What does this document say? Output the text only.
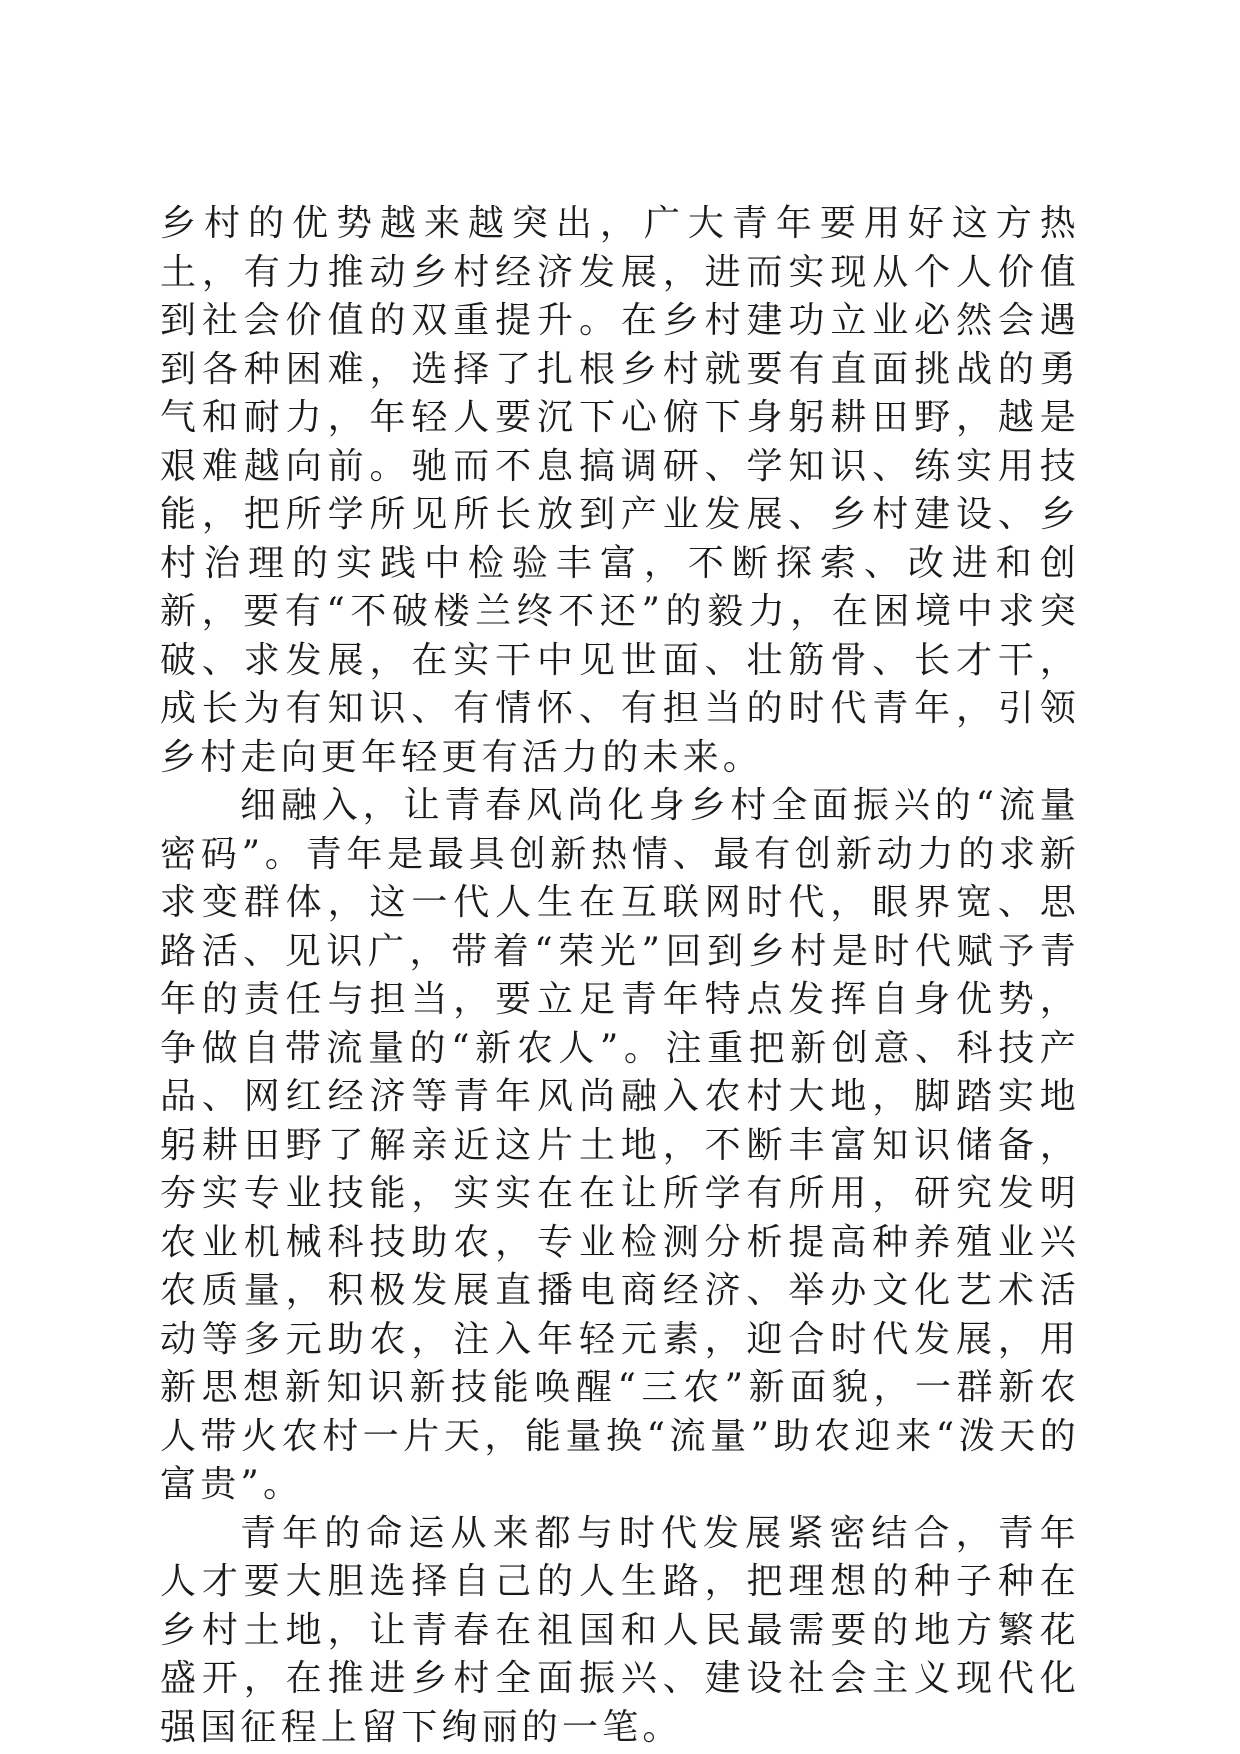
乡村的优势越来越突出，广大青年要用好这方热土，有力推动乡村经济发展，进而实现从个人价值到社会价值的双重提升。在乡村建功立业必然会遇到各种困难，选择了扎根乡村就要有直面挑战的勇气和耐力，年轻人要沉下心俯下身躬耕田野，越是艰难越向前。驰而不息搞调研、学知识、练实用技能，把所学所见所长放到产业发展、乡村建设、乡村治理的实践中检验丰富，不断探索、改进和创新，要有“不破楼兰终不还”的毅力，在困境中求突破、求发展，在实干中见世面、壮筋骨、长才干，成长为有知识、有情怀、有担当的时代青年，引领乡村走向更年轻更有活力的未来。

细融入，让青春风尚化身乡村全面振兴的“流量密码”。青年是最具创新热情、最有创新动力的求新求变群体，这一代人生在互联网时代，眼界宽、思路活、见识广，带着“荣光”回到乡村是时代赋予青年的责任与担当，要立足青年特点发挥自身优势，争做自带流量的“新农人”。注重把新创意、科技产品、网红经济等青年风尚融入农村大地，脚踏实地躬耕田野了解亲近这片土地，不断丰富知识储备，夯实专业技能，实实在在让所学有所用，研究发明农业机械科技助农，专业检测分析提高种养殖业兴农质量，积极发展直播电商经济、举办文化艺术活动等多元助农，注入年轻元素，迎合时代发展，用新思想新知识新技能唤醒“三农”新面貌，一群新农人带火农村一片天，能量换“流量”助农迎来“泼天的富贵”。

青年的命运从来都与时代发展紧密结合，青年人才要大胆选择自己的人生路，把理想的种子种在乡村土地，让青春在祖国和人民最需要的地方繁花盛开，在推进乡村全面振兴、建设社会主义现代化强国征程上留下绚丽的一笔。
